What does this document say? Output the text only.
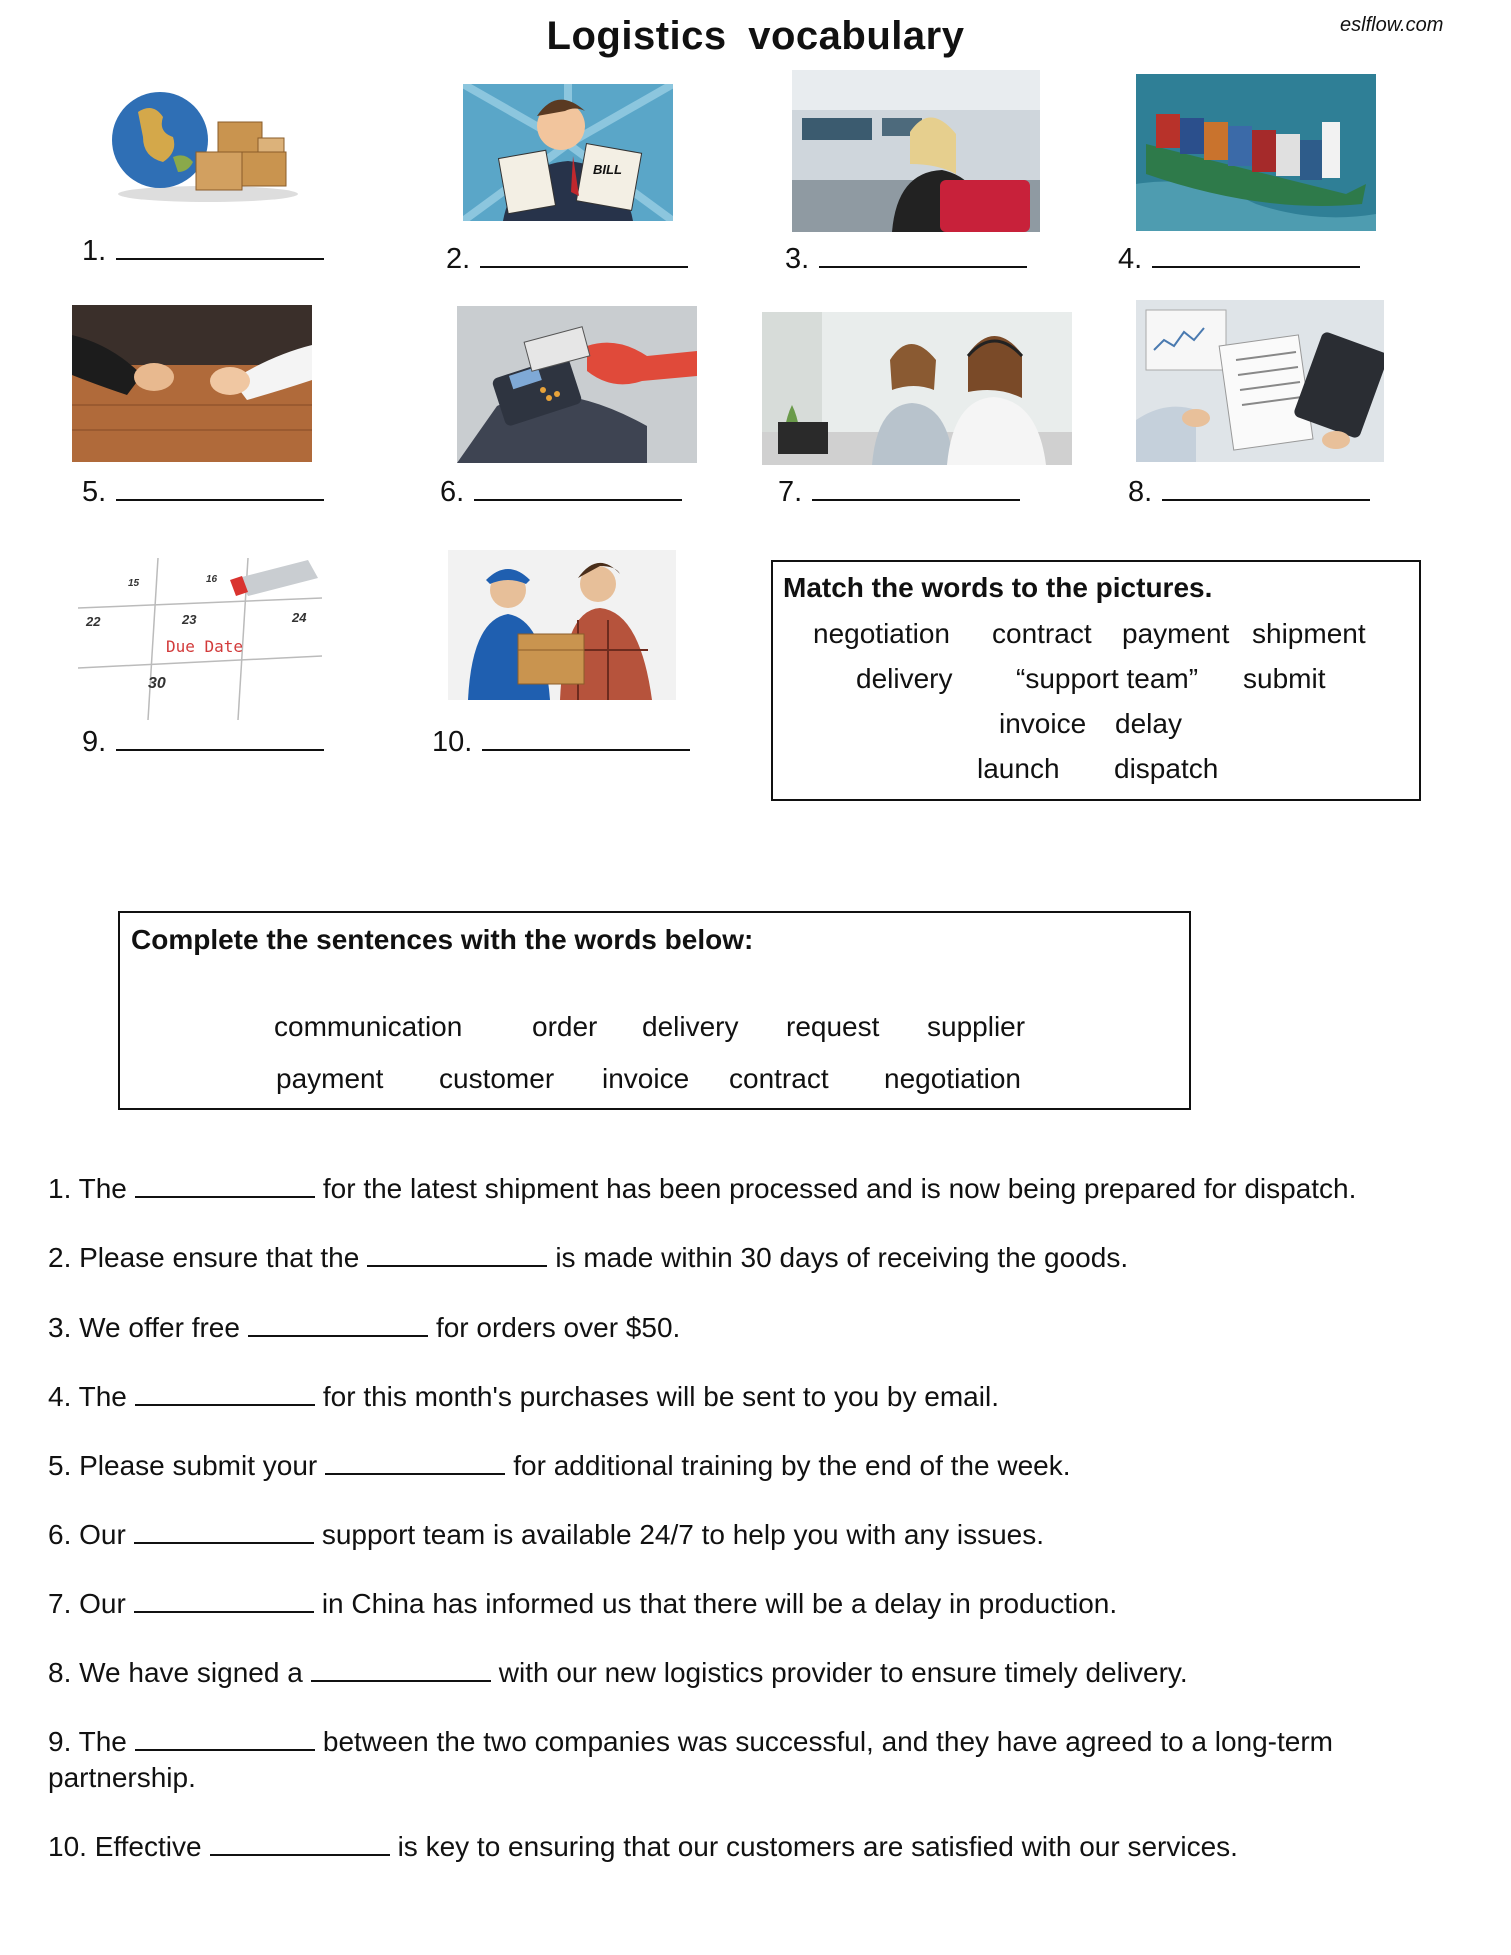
Logistics vocabulary	eslflow.com
1.
BILL
2.	3.	4.
5.	6.	7.	8.
15	16
22	23	24
Due Date
30
9.	10.
Match the words to the pictures.
negotiation contract payment shipment
delivery “support team” submit
invoice delay
launch dispatch
Complete the sentences with the words below:
communication order delivery request supplier
payment customer invoice contract negotiation
1. The	for the latest shipment has been processed and is now being prepared for dispatch.
2. Please ensure that the	is made within 30 days of receiving the goods.
3. We offer free	for orders over $50.
4. The	for this month's purchases will be sent to you by email.
5. Please submit your	for additional training by the end of the week.
6. Our	support team is available 24/7 to help you with any issues.
7. Our	in China has informed us that there will be a delay in production.
8. We have signed a	with our new logistics provider to ensure timely delivery.
9. The	between the two companies was successful, and they have agreed to a long-term partnership.
10. Effective	is key to ensuring that our customers are satisfied with our services.
